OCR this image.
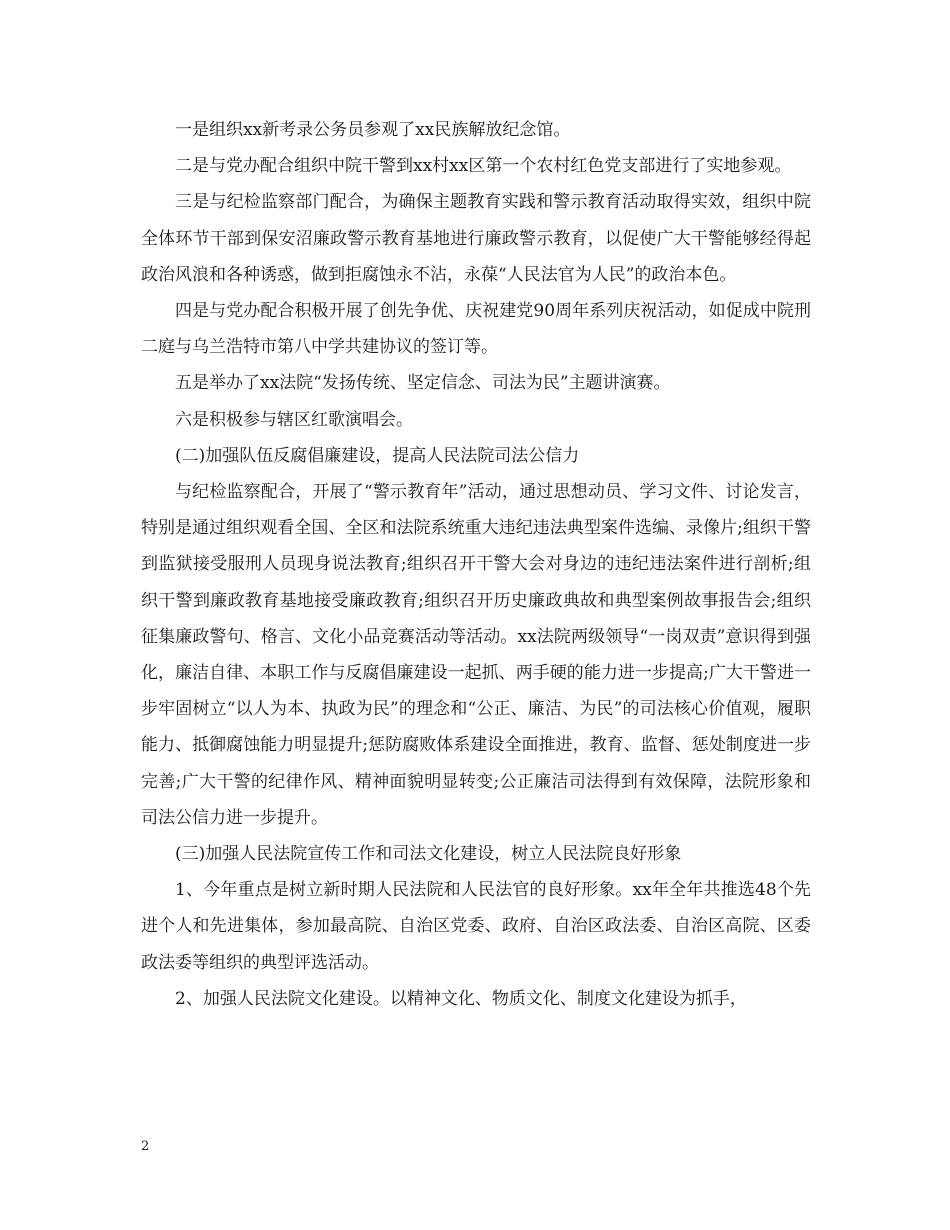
一是组织xx新考录公务员参观了xx民族解放纪念馆。

二是与党办配合组织中院干警到xx村xx区第一个农村红色党支部进行了实地参观。

三是与纪检监察部门配合，为确保主题教育实践和警示教育活动取得实效，组织中院全体环节干部到保安沼廉政警示教育基地进行廉政警示教育，以促使广大干警能够经得起政治风浪和各种诱惑，做到拒腐蚀永不沾，永葆“人民法官为人民”的政治本色。

四是与党办配合积极开展了创先争优、庆祝建党90周年系列庆祝活动，如促成中院刑二庭与乌兰浩特市第八中学共建协议的签订等。

五是举办了xx法院“发扬传统、坚定信念、司法为民”主题讲演赛。

六是积极参与辖区红歌演唱会。

(二)加强队伍反腐倡廉建设，提高人民法院司法公信力

与纪检监察配合，开展了“警示教育年”活动，通过思想动员、学习文件、讨论发言，特别是通过组织观看全国、全区和法院系统重大违纪违法典型案件选编、录像片;组织干警到监狱接受服刑人员现身说法教育;组织召开干警大会对身边的违纪违法案件进行剖析;组织干警到廉政教育基地接受廉政教育;组织召开历史廉政典故和典型案例故事报告会;组织征集廉政警句、格言、文化小品竞赛活动等活动。xx法院两级领导“一岗双责”意识得到强化，廉洁自律、本职工作与反腐倡廉建设一起抓、两手硬的能力进一步提高;广大干警进一步牢固树立“以人为本、执政为民”的理念和“公正、廉洁、为民”的司法核心价值观，履职能力、抵御腐蚀能力明显提升;惩防腐败体系建设全面推进，教育、监督、惩处制度进一步完善;广大干警的纪律作风、精神面貌明显转变;公正廉洁司法得到有效保障，法院形象和司法公信力进一步提升。

(三)加强人民法院宣传工作和司法文化建设，树立人民法院良好形象

1、今年重点是树立新时期人民法院和人民法官的良好形象。xx年全年共推选48个先进个人和先进集体，参加最高院、自治区党委、政府、自治区政法委、自治区高院、区委政法委等组织的典型评选活动。

2、加强人民法院文化建设。以精神文化、物质文化、制度文化建设为抓手，

2
